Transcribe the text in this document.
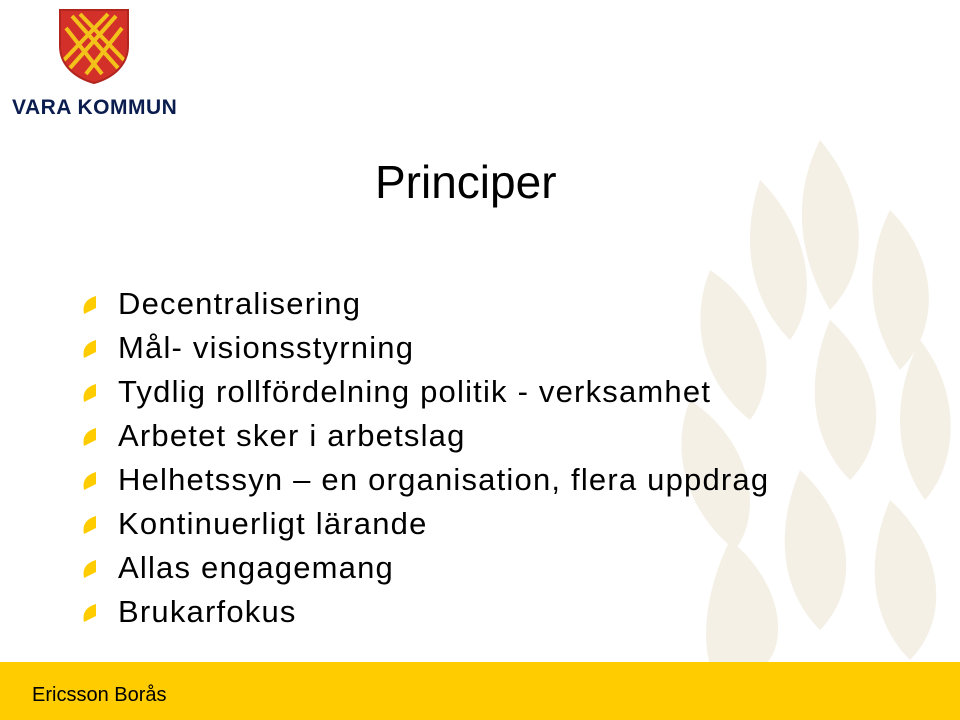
VARA KOMMUN
Principer
Decentralisering
Mål- visionsstyrning
Tydlig rollfördelning politik - verksamhet
Arbetet sker i arbetslag
Helhetssyn – en organisation, flera uppdrag
Kontinuerligt lärande
Allas engagemang
Brukarfokus
Ericsson Borås
